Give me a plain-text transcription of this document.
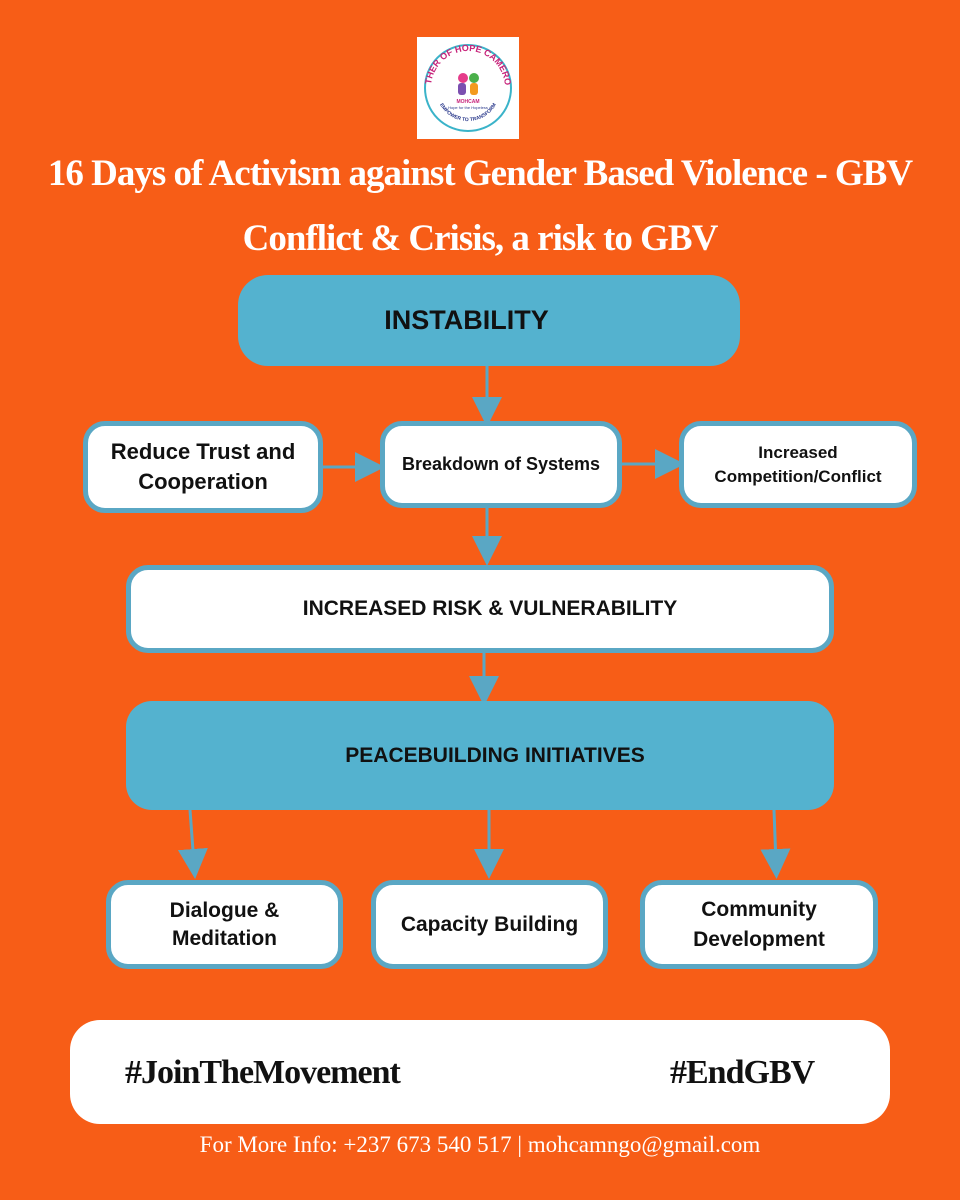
THER OF HOPE CAMERO
EMPOWER TO TRANSFORM
MOHCAM
Hope for the Hopeless
16 Days of Activism against Gender Based Violence - GBV
Conflict & Crisis, a risk to GBV
INSTABILITY
Reduce Trust and Cooperation
Breakdown of Systems
Increased Competition/Conflict
INCREASED RISK & VULNERABILITY
PEACEBUILDING INITIATIVES
Dialogue & Meditation
Capacity Building
Community Development
#JoinTheMovement	#EndGBV
For More Info: +237 673 540 517 | mohcamngo@gmail.com
